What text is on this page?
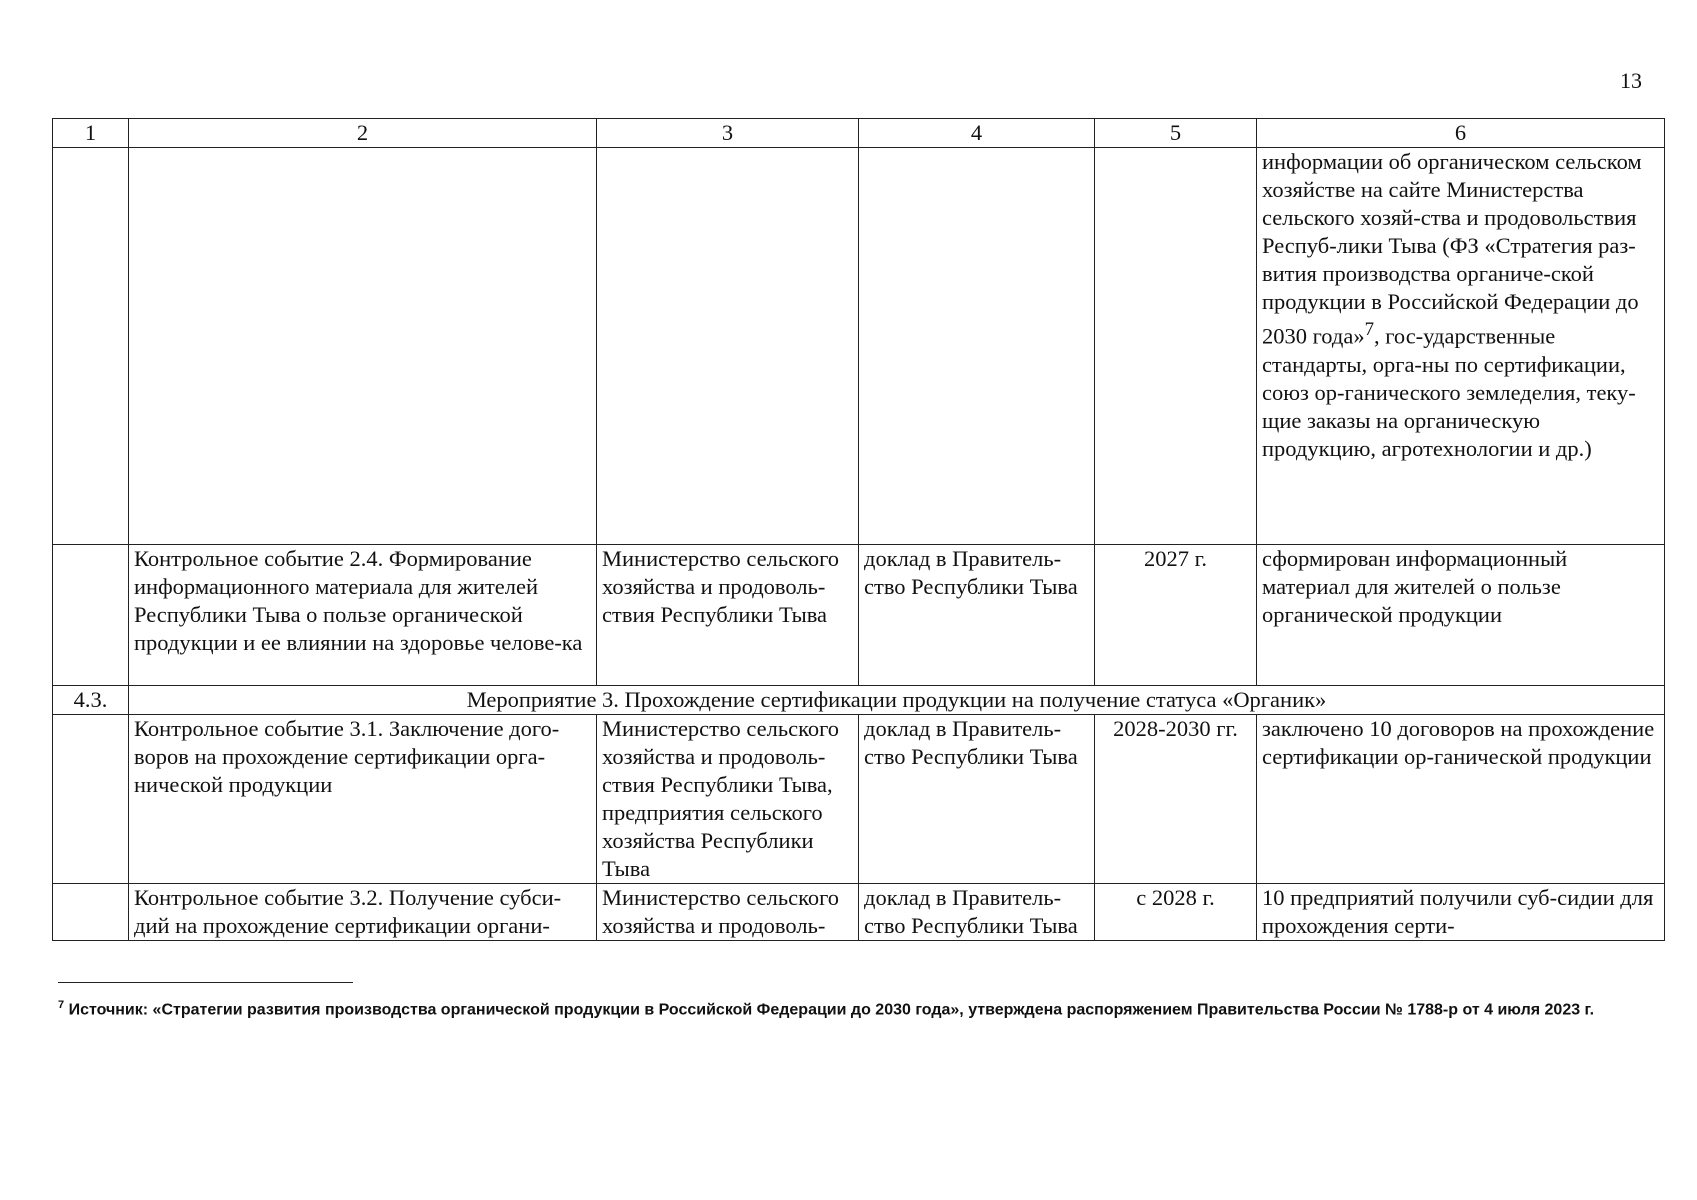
13
1	2	3	4	5	6
					информации об органическом сельском хозяйстве на сайте Министерства сельского хозяй-ства и продовольствия Респуб-лики Тыва (ФЗ «Стратегия раз-вития производства органиче-ской продукции в Российской Федерации до 2030 года»$^7$, гос-ударственные стандарты, орга-ны по сертификации, союз ор-ганического земледелия, теку-щие заказы на органическую продукцию, агротехнологии и др.)
	Контрольное событие 2.4. Формирование информационного материала для жителей Республики Тыва о пользе органической продукции и ее влиянии на здоровье челове-ка	Министерство сельского хозяйства и продоволь-ствия Республики Тыва	доклад в Правитель-ство Республики Тыва	2027 г.	сформирован информационный материал для жителей о пользе органической продукции
4.3.	Мероприятие 3. Прохождение сертификации продукции на получение статуса «Органик»				
	Контрольное событие 3.1. Заключение дого-воров на прохождение сертификации орга-нической продукции	Министерство сельского хозяйства и продоволь-ствия Республики Тыва, предприятия сельского хозяйства Республики Тыва	доклад в Правитель-ство Республики Тыва	2028-2030 гг.	заключено 10 договоров на прохождение сертификации ор-ганической продукции
	Контрольное событие 3.2. Получение субси-дий на прохождение сертификации органи-	Министерство сельского хозяйства и продоволь-	доклад в Правитель-ство Республики Тыва	с 2028 г.	10 предприятий получили суб-сидии для прохождения серти-
$^7$ Источник: «Стратегии развития производства органической продукции в Российской Федерации до 2030 года», утверждена распоряжением Правительства России № 1788-р от 4 июля 2023 г.
